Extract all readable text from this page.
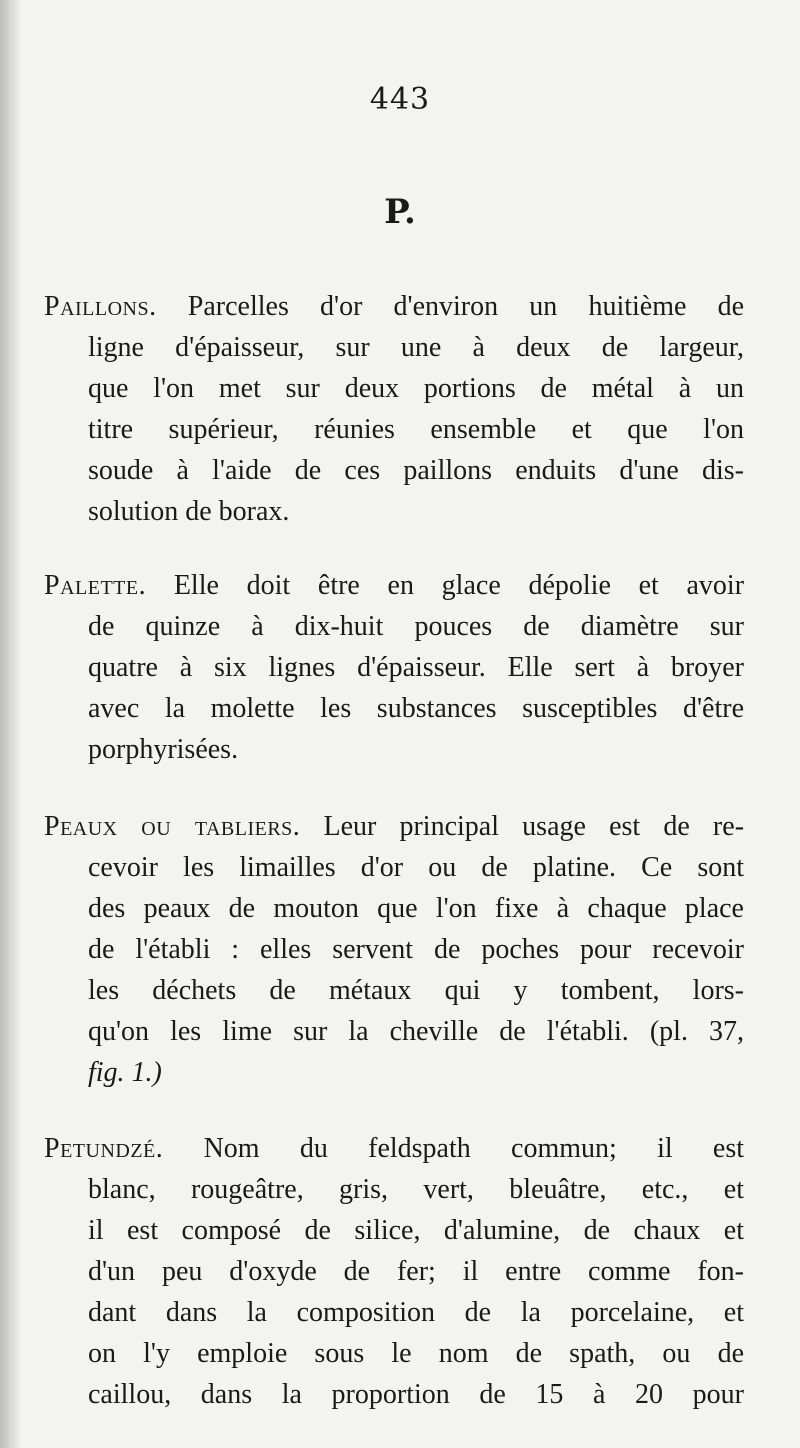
443
P.
Paillons. Parcelles d'or d'environ un huitième de
ligne d'épaisseur, sur une à deux de largeur,
que l'on met sur deux portions de métal à un
titre supérieur, réunies ensemble et que l'on
soude à l'aide de ces paillons enduits d'une dis-
solution de borax.
Palette. Elle doit être en glace dépolie et avoir
de quinze à dix-huit pouces de diamètre sur
quatre à six lignes d'épaisseur. Elle sert à broyer
avec la molette les substances susceptibles d'être
porphyrisées.
Peaux ou tabliers. Leur principal usage est de re-
cevoir les limailles d'or ou de platine. Ce sont
des peaux de mouton que l'on fixe à chaque place
de l'établi : elles servent de poches pour recevoir
les déchets de métaux qui y tombent, lors-
qu'on les lime sur la cheville de l'établi. (pl. 37,
fig. 1.)
Petundzé. Nom du feldspath commun; il est
blanc, rougeâtre, gris, vert, bleuâtre, etc., et
il est composé de silice, d'alumine, de chaux et
d'un peu d'oxyde de fer; il entre comme fon-
dant dans la composition de la porcelaine, et
on l'y emploie sous le nom de spath, ou de
caillou, dans la proportion de 15 à 20 pour
